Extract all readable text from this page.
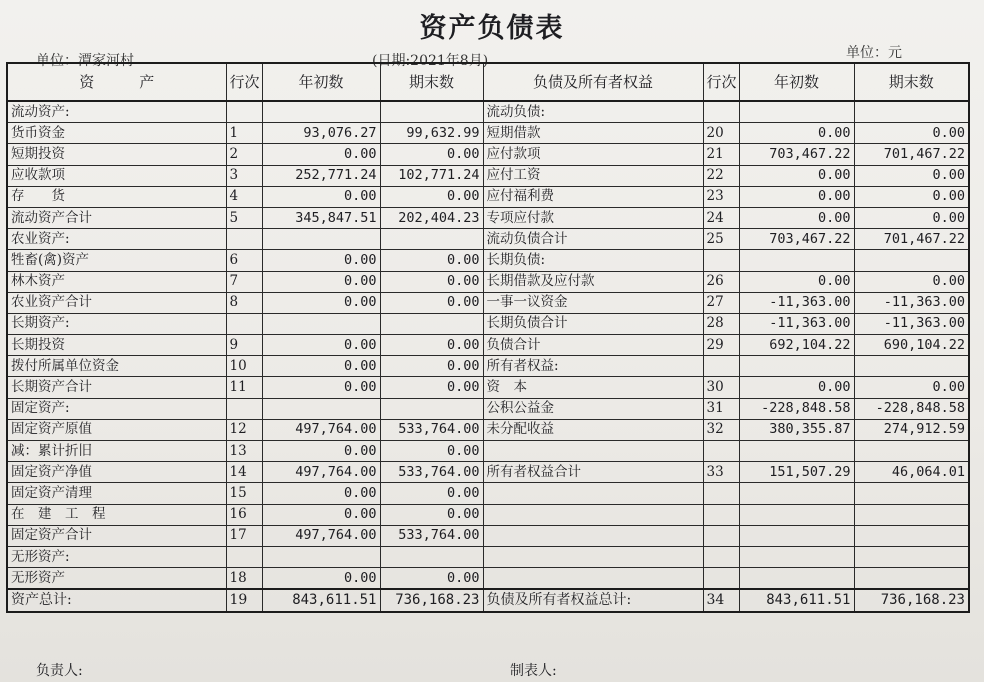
资产负债表
单位：潭家河村	(日期:2021年8月)	单位：元
资　　　产	行次	年初数	期末数	负债及所有者权益	行次	年初数	期末数
流动资产:				流动负债:			
货币资金	1	93,076.27	99,632.99	短期借款	20	0.00	0.00
短期投资	2	0.00	0.00	应付款项	21	703,467.22	701,467.22
应收款项	3	252,771.24	102,771.24	应付工资	22	0.00	0.00
存　　货	4	0.00	0.00	应付福利费	23	0.00	0.00
流动资产合计	5	345,847.51	202,404.23	专项应付款	24	0.00	0.00
农业资产:				流动负债合计	25	703,467.22	701,467.22
牲畜(禽)资产	6	0.00	0.00	长期负债:			
林木资产	7	0.00	0.00	长期借款及应付款	26	0.00	0.00
农业资产合计	8	0.00	0.00	一事一议资金	27	-11,363.00	-11,363.00
长期资产:				长期负债合计	28	-11,363.00	-11,363.00
长期投资	9	0.00	0.00	负债合计	29	692,104.22	690,104.22
拨付所属单位资金	10	0.00	0.00	所有者权益:			
长期资产合计	11	0.00	0.00	资　本	30	0.00	0.00
固定资产:				公积公益金	31	-228,848.58	-228,848.58
固定资产原值	12	497,764.00	533,764.00	未分配收益	32	380,355.87	274,912.59
减：累计折旧	13	0.00	0.00				
固定资产净值	14	497,764.00	533,764.00	所有者权益合计	33	151,507.29	46,064.01
固定资产清理	15	0.00	0.00				
在　建　工　程	16	0.00	0.00				
固定资产合计	17	497,764.00	533,764.00				
无形资产:							
无形资产	18	0.00	0.00				
资产总计:	19	843,611.51	736,168.23	负债及所有者权益总计:	34	843,611.51	736,168.23
负责人:	制表人:
